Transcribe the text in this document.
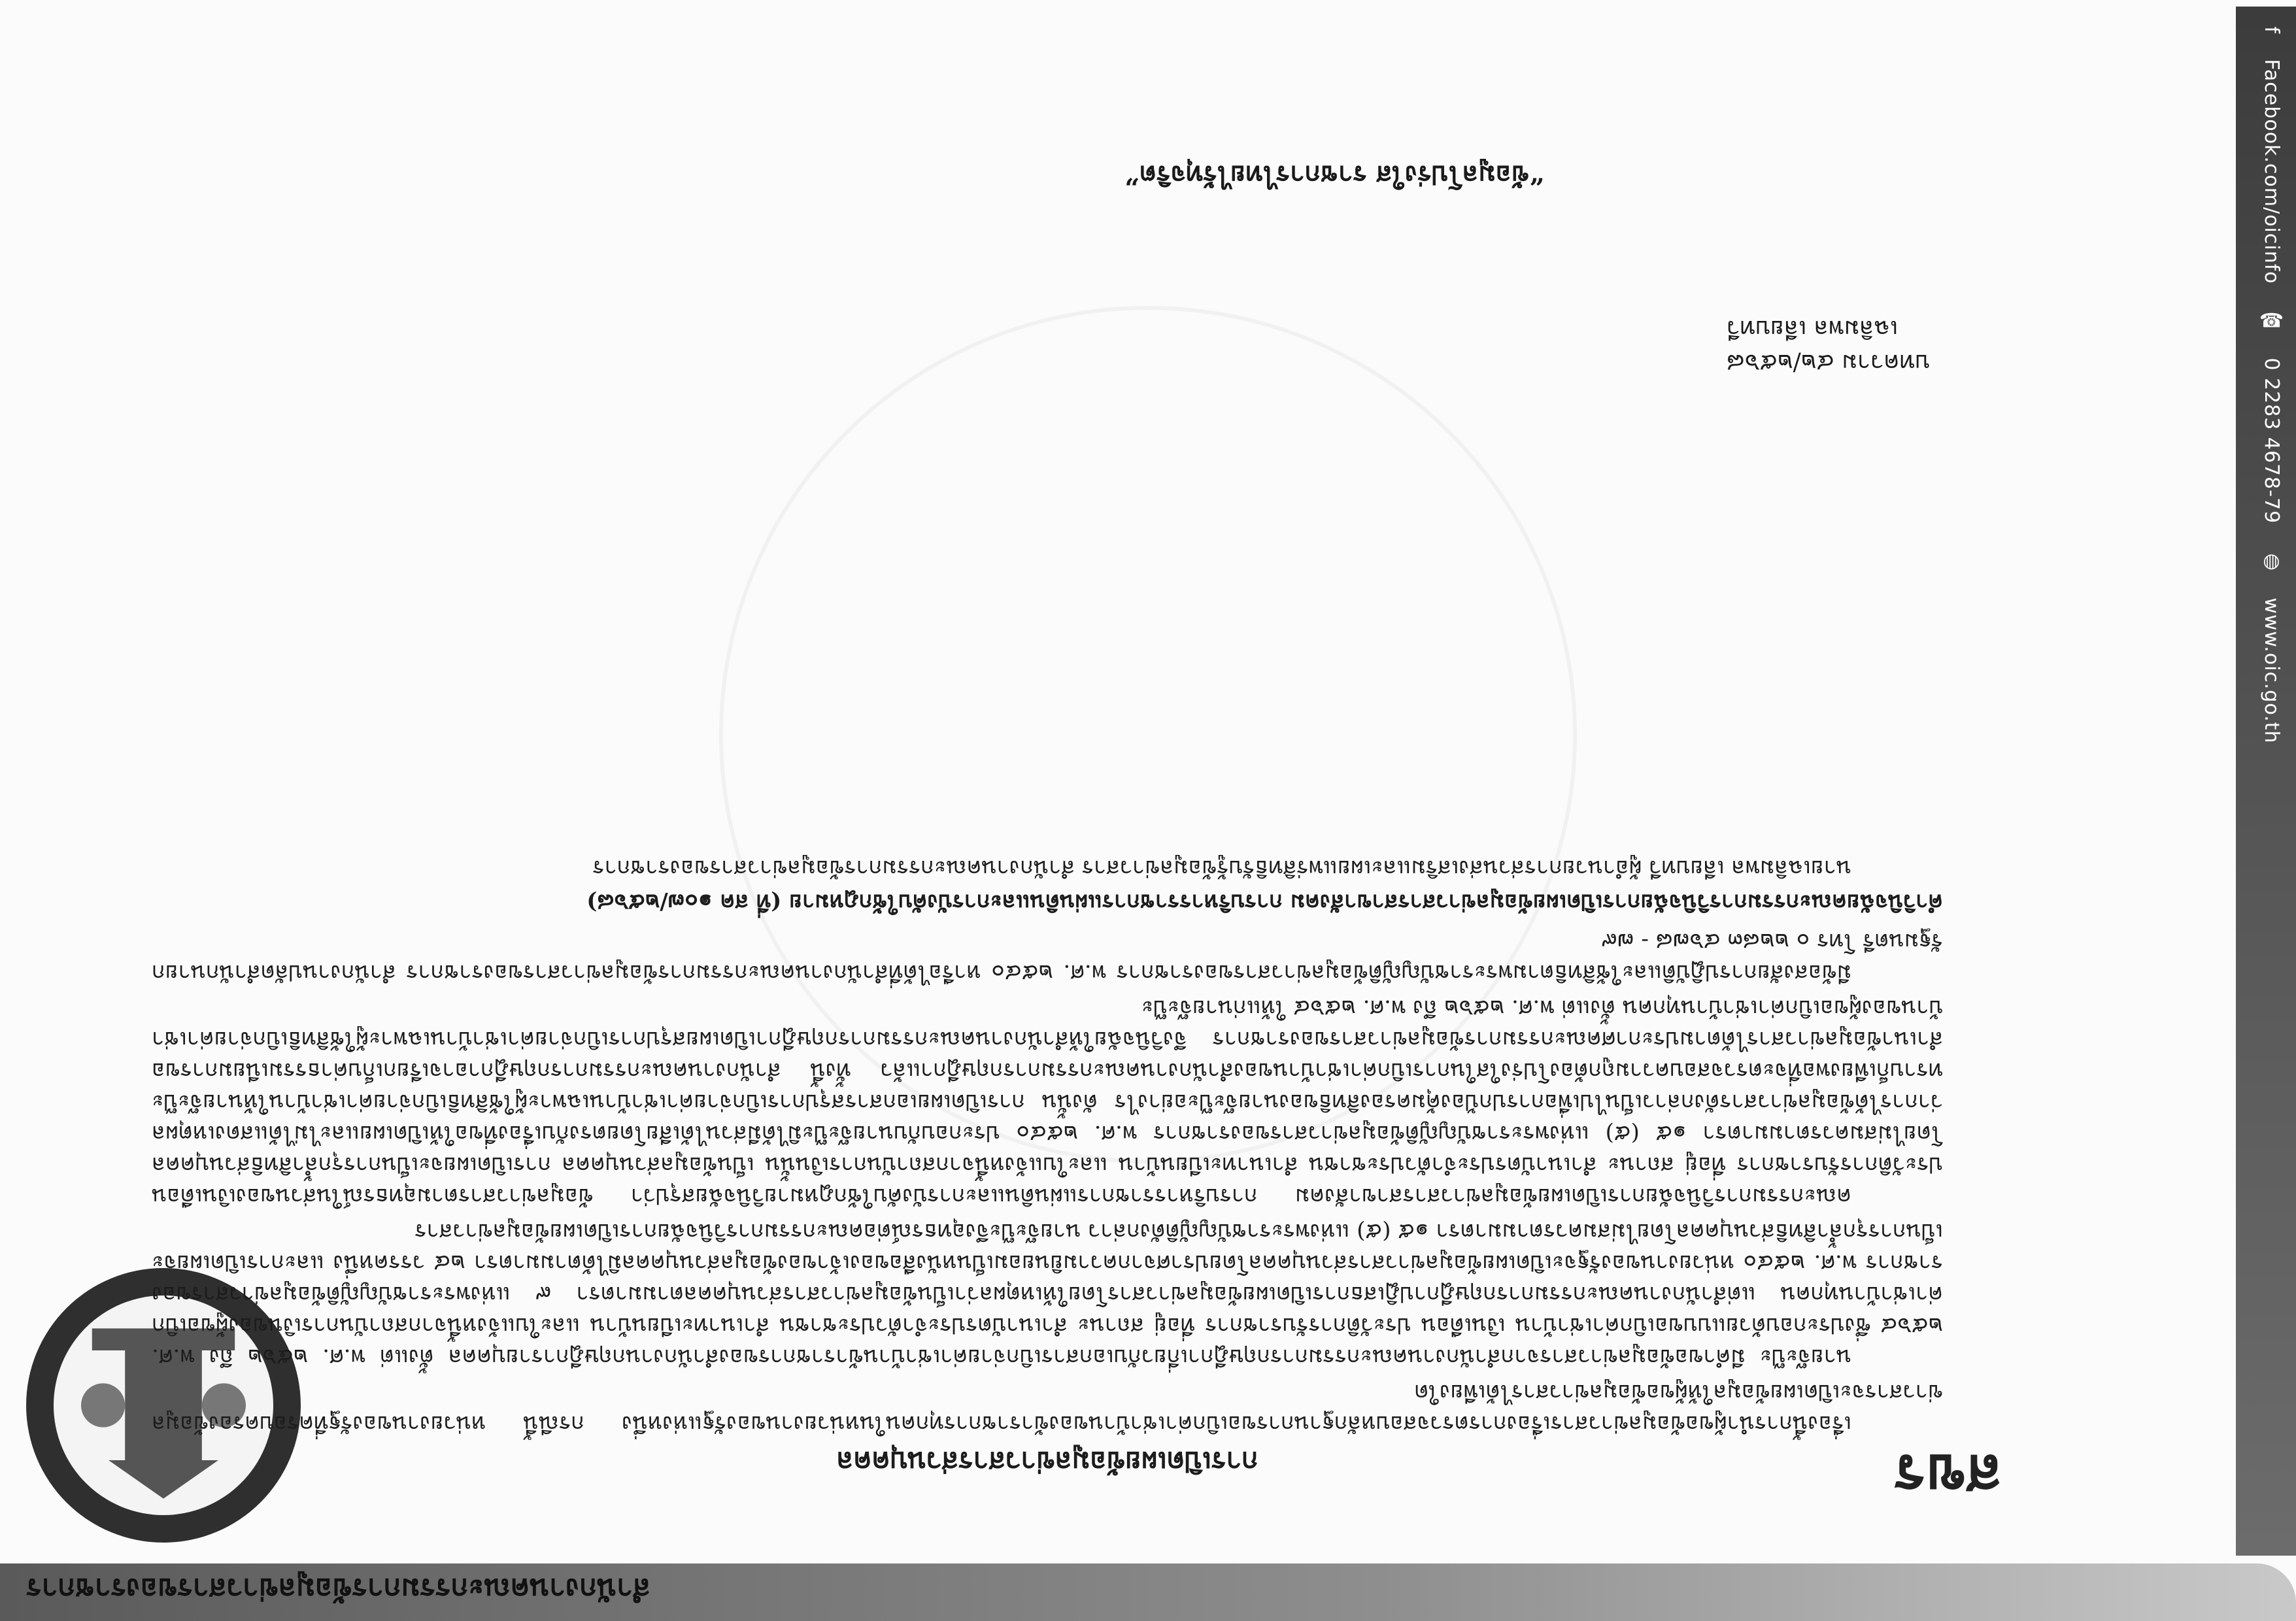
สำนักงานคณะกรรมการข้อมูลข่าวสารของราชการ
f Facebook.com/oicinfo ☎ 0 2283 4678-79 ◍ www.oic.go.th
สขร
บทความ ๔๒/๒๕๖๘
เฉลิมพล เลียบทวี
การเปิดเผยข้อมูลข่าวสารส่วนบุคคล

เรื่องนี้การนำผู้ขอข้อมูลข่าวสารเรื่องการตรวจสอบหลักฐานการขอเบิกค่าเช่าบ้านของข้าราชการทุกคนในหน่วยงานของรัฐแห่งหนึ่ง กรณีนี้ หน่วยงานของรัฐที่ครอบครองข้อมูลข่าวสารจะเปิดเผยข้อมูลให้ผู้ขอข้อมูลข่าวสารได้เพียงใด

นายจ๊ะป๊ะ มีคำขอข้อมูลข่าวสารจากสำนักงานคณะกรรมการกฤษฎีกาเกี่ยวกับเอกสารเบิกจ่ายค่าเช่าบ้านข้าราชการของสำนักงานกฤษฎีการายบุคคล ตั้งแต่ พ.ศ. ๒๕๖๒ ถึง พ.ศ. ๒๕๖๔ ซึ่งประกอบด้วยแบบขอเบิกค่าเช่าบ้าน เงินเดือน ประวัติการรับราชการ ที่อยู่ สถานะ สำเนาบัตรประจำตัวประชาชน สำเนาทะเบียนบ้าน และใบแจ้งหนี้จากสถาบันการเงินของผู้ขอเบิกค่าเช่าบ้านทุกคน แต่สำนักงานคณะกรรมการกฤษฎีกาปฏิเสธการเปิดเผยข้อมูลข่าวสารโดยให้เหตุผลว่าเป็นข้อมูลข่าวสารส่วนบุคคลตามมาตรา ๙ แห่งพระราชบัญญัติข้อมูลข่าวสารของราชการ พ.ศ. ๒๕๔๐ หน่วยงานของรัฐจะเปิดเผยข้อมูลข่าวสารส่วนบุคคลโดยปราศจากความยินยอมเป็นหนังสือของเจ้าของข้อมูลส่วนบุคคลมิได้ตามมาตรา ๒๔ วรรคหนึ่ง และการเปิดเผยจะเป็นการรุกล้ำสิทธิส่วนบุคคลโดยไม่สมควรตามมาตรา ๑๕ (๕) แห่งพระราชบัญญัติดังกล่าว นายจ๊ะป๊ะจึงอุทธรณ์ต่อคณะกรรมการวินิจฉัยการเปิดเผยข้อมูลข่าวสาร

คณะกรรมการวินิจฉัยการเปิดเผยข้อมูลข่าวสารสาขาสังคม การบริหารราชการแผ่นดินและการบังคับใช้กฎหมายวินิจฉัยสรุปว่า ข้อมูลข่าวสารตามอุทธรณ์ในส่วนของเงินเดือน ประวัติการรับราชการ ที่อยู่ สถานะ สำเนาบัตรประจำตัวประชาชน สำเนาทะเบียนบ้าน และใบแจ้งหนี้จากสถาบันการเงินนั้น เป็นข้อมูลส่วนบุคคล การเปิดเผยจะเป็นการรุกล้ำสิทธิส่วนบุคคลโดยไม่สมควรตามมาตรา ๑๕ (๕) แห่งพระราชบัญญัติข้อมูลข่าวสารของราชการ พ.ศ. ๒๕๔๐ ประกอบกับนายจ๊ะป๊ะมิได้มีส่วนได้เสียโดยตรงกับเรื่องที่ขอให้เปิดเผยและไม่ได้แสดงเหตุผลว่าการได้ข้อมูลข่าวสารดังกล่าวเป็นไปเพื่อการปกป้องคุ้มครองสิทธิของนายจ๊ะป๊ะอย่างไร ดังนั้น การเปิดเผยเอกสารสรุปการเบิกจ่ายค่าเช่าบ้านเฉพาะผู้ใช้สิทธิเบิกจ่ายค่าเช่าบ้านให้นายจ๊ะป๊ะทราบก็เพียงพอที่จะตรวจสอบความถูกต้องโปร่งใสในการเบิกค่าเช่าบ้านของสำนักงานคณะกรรมการกฤษฎีกาแล้ว ทั้งนี้ สำนักงานคณะกรรมการกฤษฎีกาอาจเรียกเก็บค่าธรรมเนียมการขอสำเนาข้อมูลข่าวสารได้ตามประกาศคณะกรรมการข้อมูลข่าวสารของราชการ จึงวินิจฉัยให้สำนักงานคณะกรรมการกฤษฎีกาเปิดเผยสรุปการเบิกจ่ายค่าเช่าบ้านเฉพาะผู้ใช้สิทธิเบิกจ่ายค่าเช่าบ้านของผู้ขอเบิกค่าเช่าบ้านทุกคน ตั้งแต่ พ.ศ. ๒๕๖๒ ถึง พ.ศ. ๒๕๖๔ ให้แก่นายจ๊ะป๊ะ

มีข้อสงสัยการปฏิบัติและใช้สิทธิตามพระราชบัญญัติข้อมูลข่าวสารของราชการ พ.ศ. ๒๕๔๐ หารือได้ที่สำนักงานคณะกรรมการข้อมูลข่าวสารของราชการ สำนักงานปลัดสำนักนายกรัฐมนตรี โทร ๐ ๒๒๘๓ ๔๖๗๘ - ๗๙

คำวินิจฉัยคณะกรรมการวินิจฉัยการเปิดเผยข้อมูลข่าวสารสาขาสังคม การบริหารราชการแผ่นดินและการบังคับใช้กฎหมาย (ที่ สค ๑๐๗/๒๕๖๘)

นายเฉลิมพล เลียบทวี ผู้อำนวยการส่วนส่งเสริมและเผยแพร่สิทธิรับรู้ข้อมูลข่าวสาร สำนักงานคณะกรรมการข้อมูลข่าวสารของราชการ

“ข้อมูลโปร่งใส ราชการไทยไร้ทุจริต”
